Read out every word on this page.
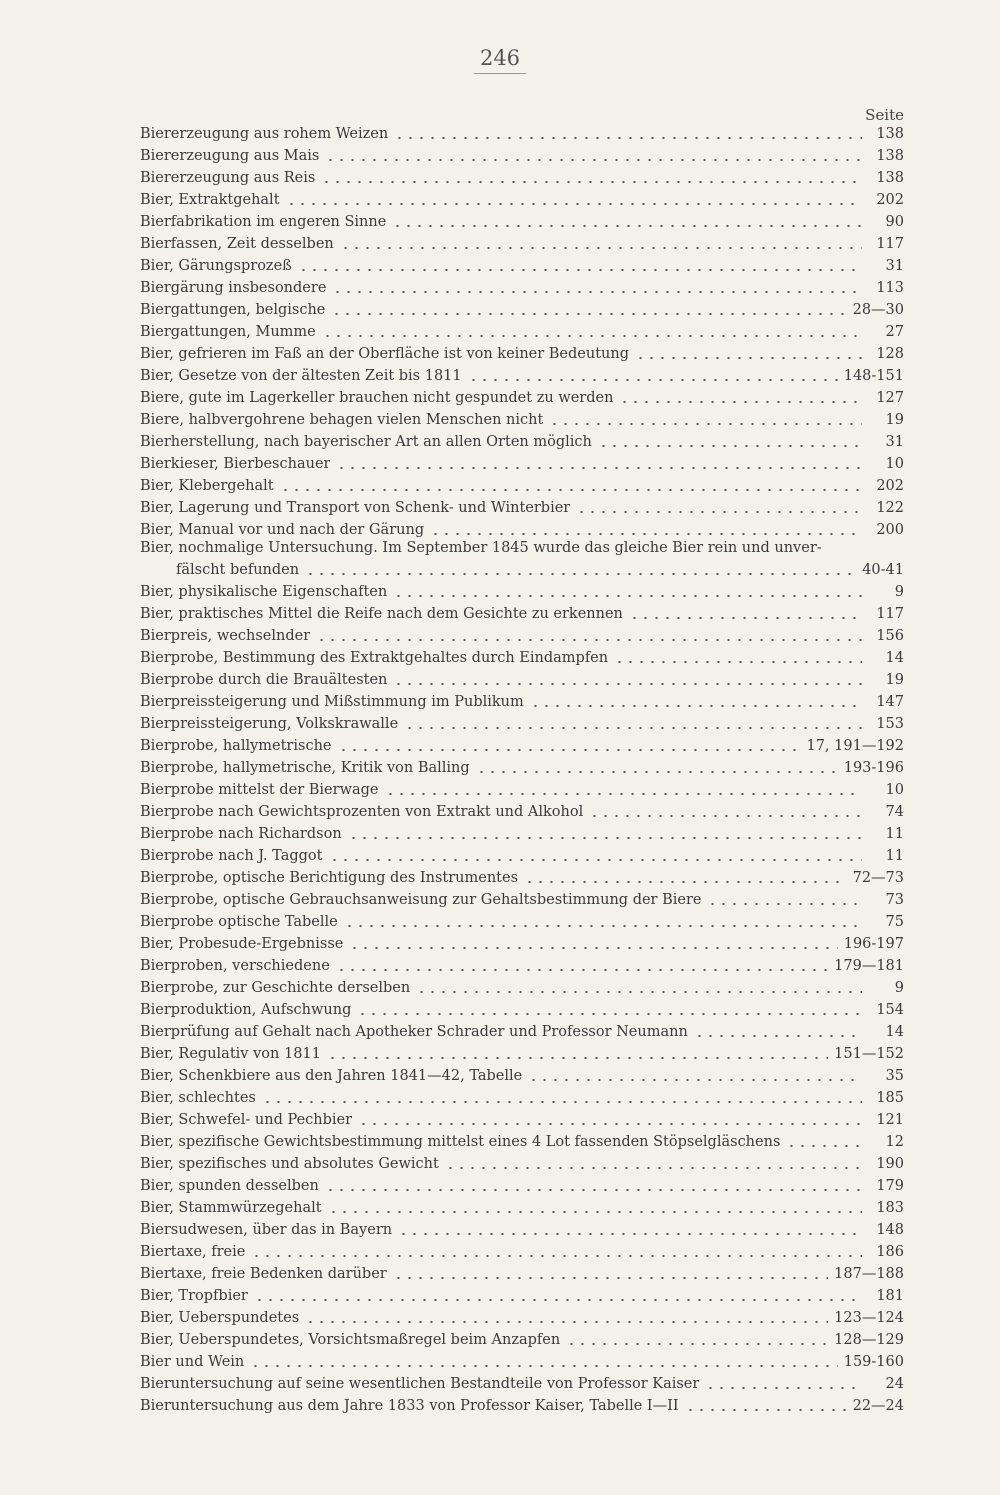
246
Seite
Biererzeugung aus rohem Weizen	138
Biererzeugung aus Mais	138
Biererzeugung aus Reis	138
Bier, Extraktgehalt	202
Bierfabrikation im engeren Sinne	90
Bierfassen, Zeit desselben	117
Bier, Gärungsprozeß	31
Biergärung insbesondere	113
Biergattungen, belgische	28—30
Biergattungen, Mumme	27
Bier, gefrieren im Faß an der Oberfläche ist von keiner Bedeutung	128
Bier, Gesetze von der ältesten Zeit bis 1811	148-151
Biere, gute im Lagerkeller brauchen nicht gespundet zu werden	127
Biere, halbvergohrene behagen vielen Menschen nicht	19
Bierherstellung, nach bayerischer Art an allen Orten möglich	31
Bierkieser, Bierbeschauer	10
Bier, Klebergehalt	202
Bier, Lagerung und Transport von Schenk- und Winterbier	122
Bier, Manual vor und nach der Gärung	200
Bier, nochmalige Untersuchung. Im September 1845 wurde das gleiche Bier rein und unver-
fälscht befunden	40-41
Bier, physikalische Eigenschaften	9
Bier, praktisches Mittel die Reife nach dem Gesichte zu erkennen	117
Bierpreis, wechselnder	156
Bierprobe, Bestimmung des Extraktgehaltes durch Eindampfen	14
Bierprobe durch die Brauältesten	19
Bierpreissteigerung und Mißstimmung im Publikum	147
Bierpreissteigerung, Volkskrawalle	153
Bierprobe, hallymetrische	17, 191—192
Bierprobe, hallymetrische, Kritik von Balling	193-196
Bierprobe mittelst der Bierwage	10
Bierprobe nach Gewichtsprozenten von Extrakt und Alkohol	74
Bierprobe nach Richardson	11
Bierprobe nach J. Taggot	11
Bierprobe, optische Berichtigung des Instrumentes	72—73
Bierprobe, optische Gebrauchsanweisung zur Gehaltsbestimmung der Biere	73
Bierprobe optische Tabelle	75
Bier, Probesude-Ergebnisse	196-197
Bierproben, verschiedene	179—181
Bierprobe, zur Geschichte derselben	9
Bierproduktion, Aufschwung	154
Bierprüfung auf Gehalt nach Apotheker Schrader und Professor Neumann	14
Bier, Regulativ von 1811	151—152
Bier, Schenkbiere aus den Jahren 1841—42, Tabelle	35
Bier, schlechtes	185
Bier, Schwefel- und Pechbier	121
Bier, spezifische Gewichtsbestimmung mittelst eines 4 Lot fassenden Stöpselgläschens	12
Bier, spezifisches und absolutes Gewicht	190
Bier, spunden desselben	179
Bier, Stammwürzegehalt	183
Biersudwesen, über das in Bayern	148
Biertaxe, freie	186
Biertaxe, freie Bedenken darüber	187—188
Bier, Tropfbier	181
Bier, Ueberspundetes	123—124
Bier, Ueberspundetes, Vorsichtsmaßregel beim Anzapfen	128—129
Bier und Wein	159-160
Bieruntersuchung auf seine wesentlichen Bestandteile von Professor Kaiser	24
Bieruntersuchung aus dem Jahre 1833 von Professor Kaiser, Tabelle I—II	22—24
